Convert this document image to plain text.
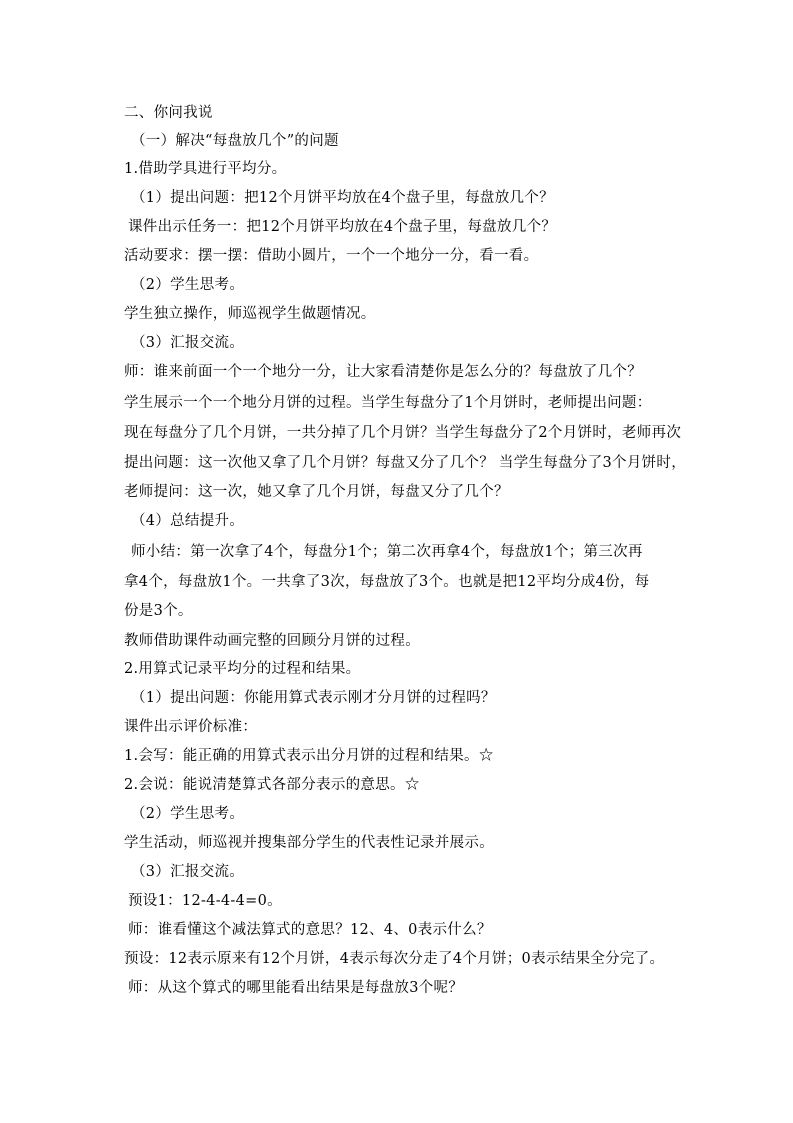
二、你问我说
（一）解决“每盘放几个”的问题
1.借助学具进行平均分。
（1）提出问题：把12个月饼平均放在4个盘子里，每盘放几个？
课件出示任务一：把12个月饼平均放在4个盘子里，每盘放几个？
活动要求：摆一摆：借助小圆片，一个一个地分一分，看一看。
（2）学生思考。
学生独立操作，师巡视学生做题情况。
（3）汇报交流。
师：谁来前面一个一个地分一分，让大家看清楚你是怎么分的？每盘放了几个？
学生展示一个一个地分月饼的过程。当学生每盘分了1个月饼时，老师提出问题：
现在每盘分了几个月饼，一共分掉了几个月饼？当学生每盘分了2个月饼时，老师再次
提出问题：这一次他又拿了几个月饼？每盘又分了几个？ 当学生每盘分了3个月饼时，
老师提问：这一次，她又拿了几个月饼，每盘又分了几个？
（4）总结提升。
师小结：第一次拿了4个，每盘分1个；第二次再拿4个，每盘放1个；第三次再
拿4个，每盘放1个。一共拿了3次，每盘放了3个。也就是把12平均分成4份，每
份是3个。
教师借助课件动画完整的回顾分月饼的过程。
2.用算式记录平均分的过程和结果。
（1）提出问题：你能用算式表示刚才分月饼的过程吗？
课件出示评价标准：
1.会写：能正确的用算式表示出分月饼的过程和结果。☆
2.会说：能说清楚算式各部分表示的意思。☆
（2）学生思考。
学生活动，师巡视并搜集部分学生的代表性记录并展示。
（3）汇报交流。
预设1：12-4-4-4=0。
师：谁看懂这个减法算式的意思？12、4、0表示什么？
预设：12表示原来有12个月饼，4表示每次分走了4个月饼；0表示结果全分完了。
师：从这个算式的哪里能看出结果是每盘放3个呢？
